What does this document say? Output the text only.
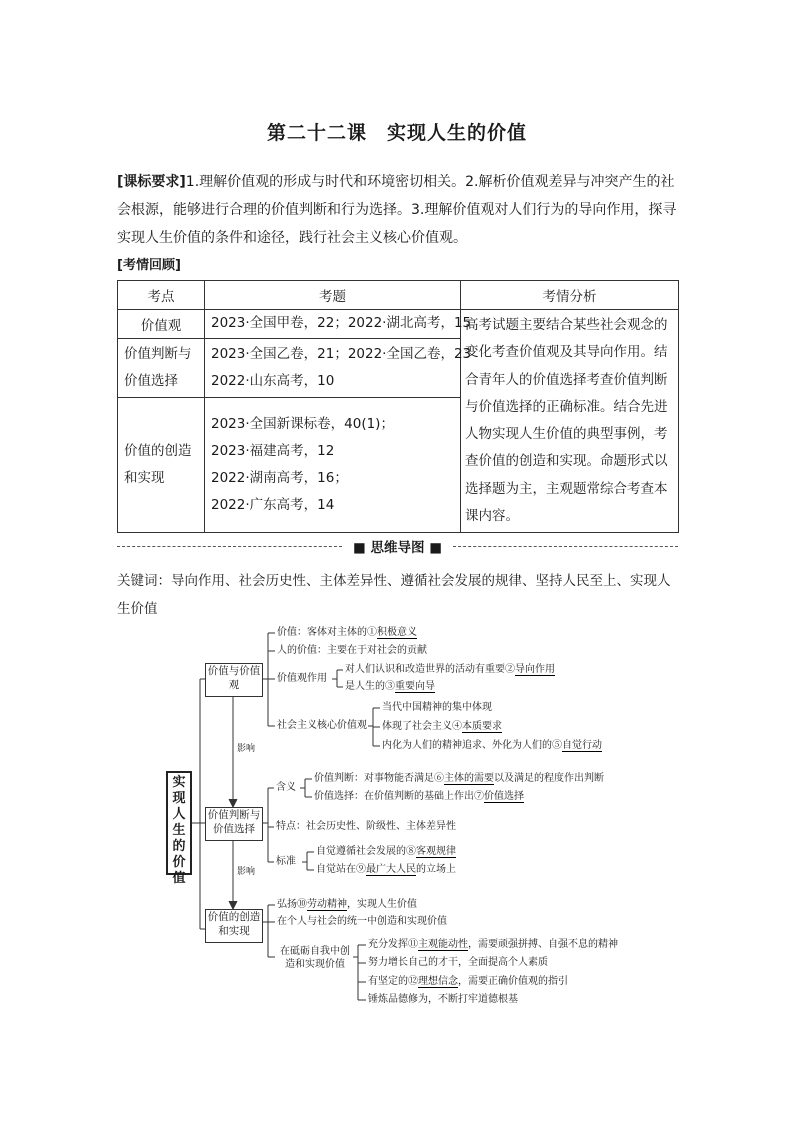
第二十二课　实现人生的价值
[课标要求]1.理解价值观的形成与时代和环境密切相关。2.解析价值观差异与冲突产生的社会根源，能够进行合理的价值判断和行为选择。3.理解价值观对人们行为的导向作用，探寻实现人生价值的条件和途径，践行社会主义核心价值观。
[考情回顾]
考点	考题	考情分析
价值观	2023·全国甲卷，22；2022·湖北高考，15	高考试题主要结合某些社会观念的变化考查价值观及其导向作用。结合青年人的价值选择考查价值判断与价值选择的正确标准。结合先进人物实现人生价值的典型事例，考查价值的创造和实现。命题形式以选择题为主，主观题常综合考查本课内容。
价值判断与价值选择	2023·全国乙卷，21；2022·全国乙卷，23
2022·山东高考，10	

价值的创造和实现	2023·全国新课标卷，40(1)；
2023·福建高考，12
2022·湖南高考，16；
2022·广东高考，14	
■ 思维导图 ■
关键词：导向作用、社会历史性、主体差异性、遵循社会发展的规律、坚持人民至上、实现人生价值
实现人生的价值
价值与价值观
价值判断与价值选择
价值的创造和实现
影响
影响
价值：客体对主体的①积极意义
人的价值：主要在于对社会的贡献
价值观作用
对人们认识和改造世界的活动有重要②导向作用
是人生的③重要向导
社会主义核心价值观
当代中国精神的集中体现
体现了社会主义④本质要求
内化为人们的精神追求、外化为人们的⑤自觉行动
含义
价值判断：对事物能否满足⑥主体的需要以及满足的程度作出判断
价值选择：在价值判断的基础上作出⑦价值选择
特点：社会历史性、阶级性、主体差异性
标准
自觉遵循社会发展的⑧客观规律
自觉站在⑨最广大人民的立场上
弘扬⑩劳动精神，实现人生价值
在个人与社会的统一中创造和实现价值
在砥砺自我中创造和实现价值
充分发挥⑪主观能动性，需要顽强拼搏、自强不息的精神
努力增长自己的才干，全面提高个人素质
有坚定的⑫理想信念，需要正确价值观的指引
锤炼品德修为，不断打牢道德根基
